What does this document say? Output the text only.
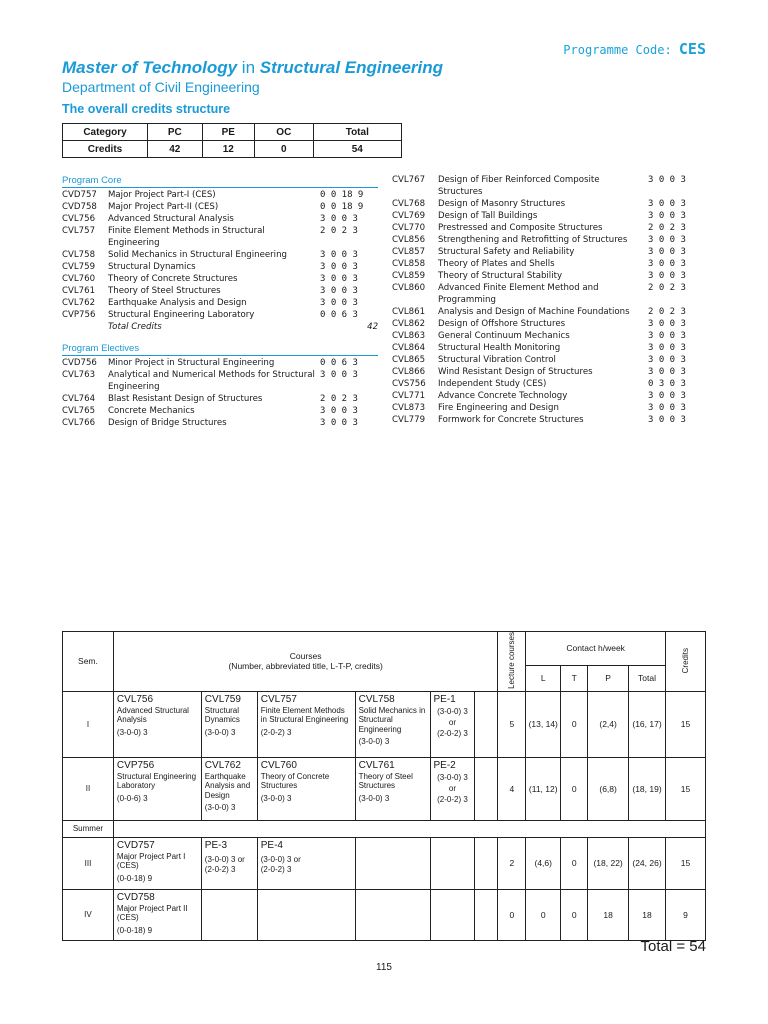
Programme Code: CES
Master of Technology in Structural Engineering
Department of Civil Engineering
The overall credits structure
Category	PC	PE	OC	Total
Credits	42	12	0	54
Program Core
CVD757	Major Project Part-I (CES)	0 0 18 9
CVD758	Major Project Part-II (CES)	0 0 18 9
CVL756	Advanced Structural Analysis	3 0 0 3
CVL757	Finite Element Methods in Structural Engineering
2 0 2 3
CVL758	Solid Mechanics in Structural Engineering	3 0 0 3
CVL759	Structural Dynamics	3 0 0 3
CVL760	Theory of Concrete Structures	3 0 0 3
CVL761	Theory of Steel Structures	3 0 0 3
CVL762	Earthquake Analysis and Design	3 0 0 3
CVP756	Structural Engineering Laboratory	0 0 6 3
Total Credits	42
Program Electives
CVD756	Minor Project in Structural Engineering	0 0 6 3
CVL763	Analytical and Numerical Methods for Structural Engineering
3 0 0 3
CVL764	Blast Resistant Design of Structures	2 0 2 3
CVL765	Concrete Mechanics	3 0 0 3
CVL766	Design of Bridge Structures	3 0 0 3
CVL767	Design of Fiber Reinforced Composite Structures
3 0 0 3
CVL768	Design of Masonry Structures	3 0 0 3
CVL769	Design of Tall Buildings	3 0 0 3
CVL770	Prestressed and Composite Structures	2 0 2 3
CVL856	Strengthening and Retrofitting of Structures	3 0 0 3
CVL857	Structural Safety and Reliability	3 0 0 3
CVL858	Theory of Plates and Shells	3 0 0 3
CVL859	Theory of Structural Stability	3 0 0 3
CVL860	Advanced Finite Element Method and Programming
2 0 2 3
CVL861	Analysis and Design of Machine Foundations	2 0 2 3
CVL862	Design of Offshore Structures	3 0 0 3
CVL863	General Continuum Mechanics	3 0 0 3
CVL864	Structural Health Monitoring	3 0 0 3
CVL865	Structural Vibration Control	3 0 0 3
CVL866	Wind Resistant Design of Structures	3 0 0 3
CVS756	Independent Study (CES)	0 3 0 3
CVL771	Advance Concrete Technology	3 0 0 3
CVL873	Fire Engineering and Design	3 0 0 3
CVL779	Formwork for Concrete Structures	3 0 0 3
Sem.	Courses
(Number, abbreviated title, L-T-P, credits)						Lecture courses	Contact h/week				Credits
								L	T	P	Total	
I	CVL756
Advanced Structural Analysis
(3-0-0) 3	CVL759
Structural Dynamics
(3-0-0) 3	CVL757
Finite Element Methods in Structural Engineering
(2-0-2) 3	CVL758
Solid Mechanics in Structural Engineering
(3-0-0) 3	PE-1
(3-0-0) 3
or
(2-0-2) 3		5	(13, 14)	0	(2,4)	(16, 17)	15
II	CVP756
Structural Engineering Laboratory
(0-0-6) 3	CVL762
Earthquake Analysis and Design
(3-0-0) 3	CVL760
Theory of Concrete Structures
(3-0-0) 3	CVL761
Theory of Steel Structures
(3-0-0) 3	PE-2
(3-0-0) 3
or
(2-0-2) 3		4	(11, 12)	0	(6,8)	(18, 19)	15
Summer												
III	CVD757
Major Project Part I (CES)
(0-0-18) 9	PE-3
(3-0-0) 3 or
(2-0-2) 3	PE-4
(3-0-0) 3 or
(2-0-2) 3				2	(4,6)	0	(18, 22)	(24, 26)	15
IV	CVD758
Major Project Part II (CES)
(0-0-18) 9						0	0	0	18	18	9
Total = 54
115
